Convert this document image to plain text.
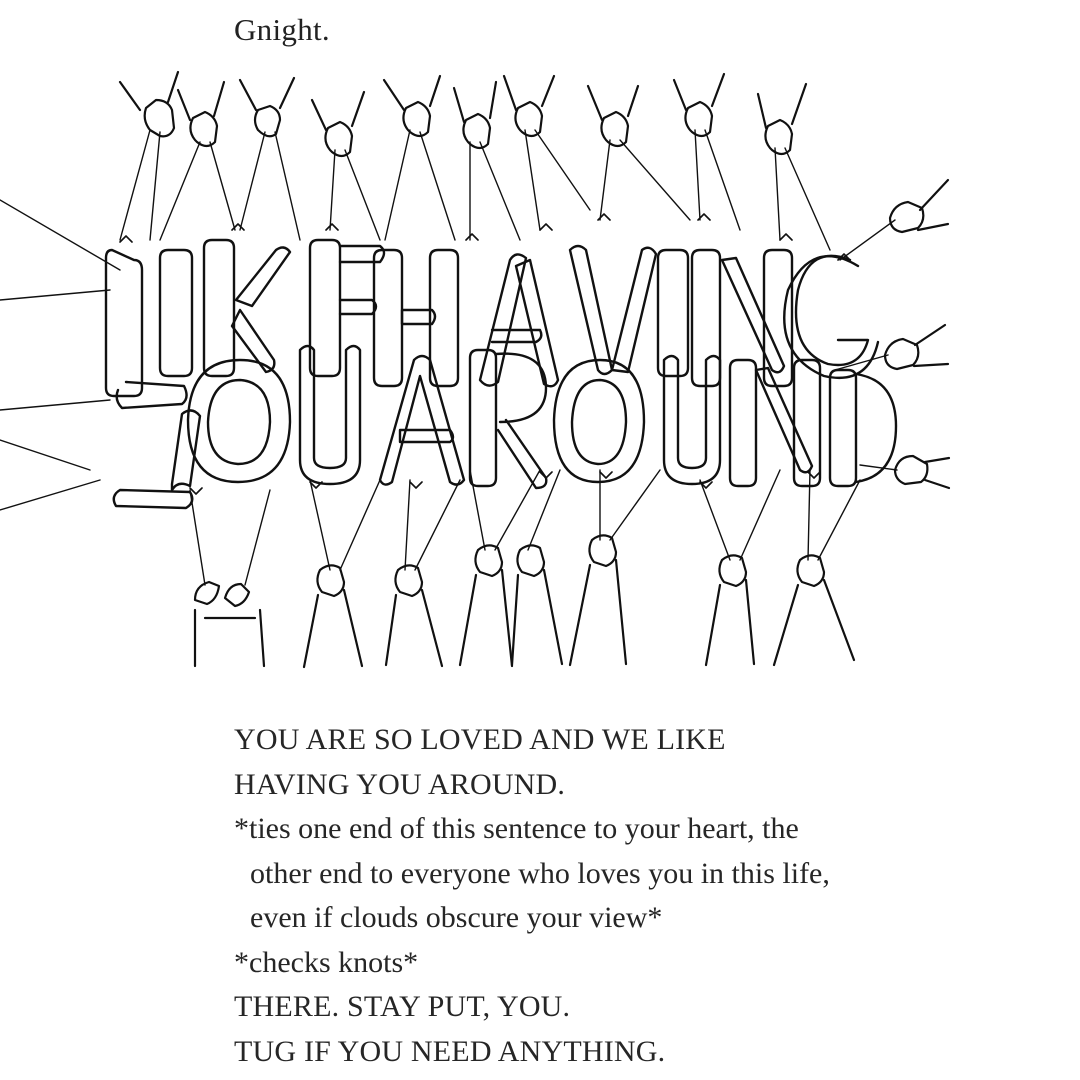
Gnight.
YOU ARE SO LOVED AND WE LIKE
HAVING YOU AROUND.
*ties one end of this sentence to your heart, the
other end to everyone who loves you in this life,
even if clouds obscure your view*
*checks knots*
THERE. STAY PUT, YOU.
TUG IF YOU NEED ANYTHING.
